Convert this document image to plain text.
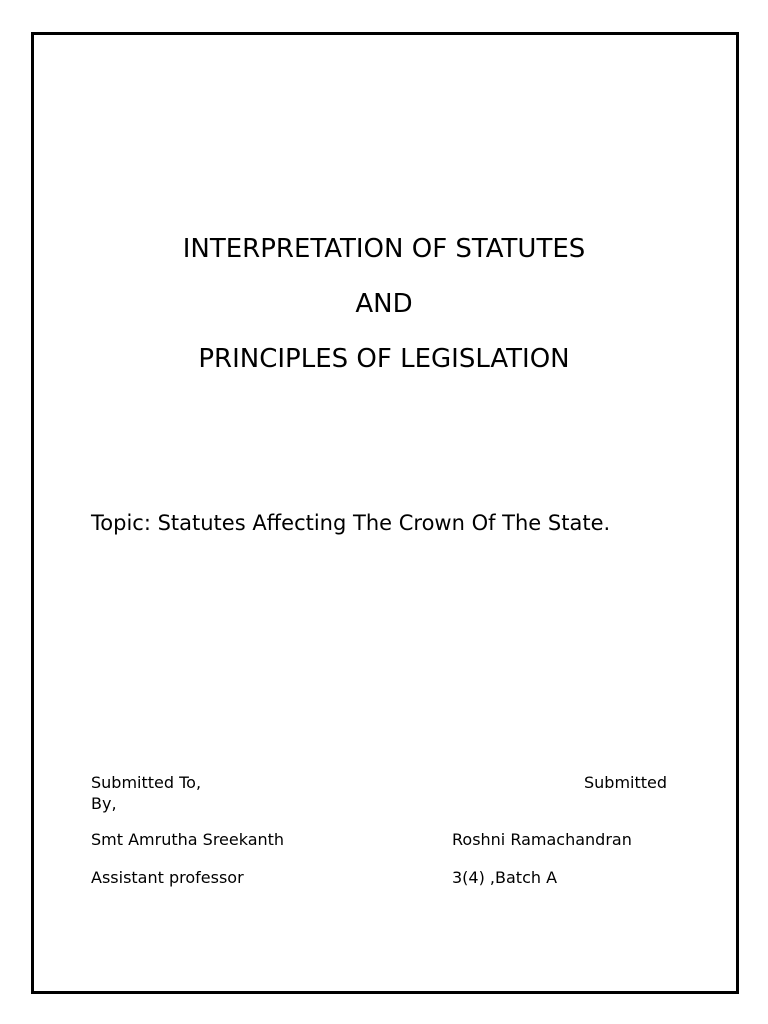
INTERPRETATION OF STATUTES
AND
PRINCIPLES OF LEGISLATION
Topic: Statutes Affecting The Crown Of The State.
Submitted To,	Submitted
By,
Smt Amrutha Sreekanth
Assistant professor
Roshni Ramachandran
3(4) ,Batch A
